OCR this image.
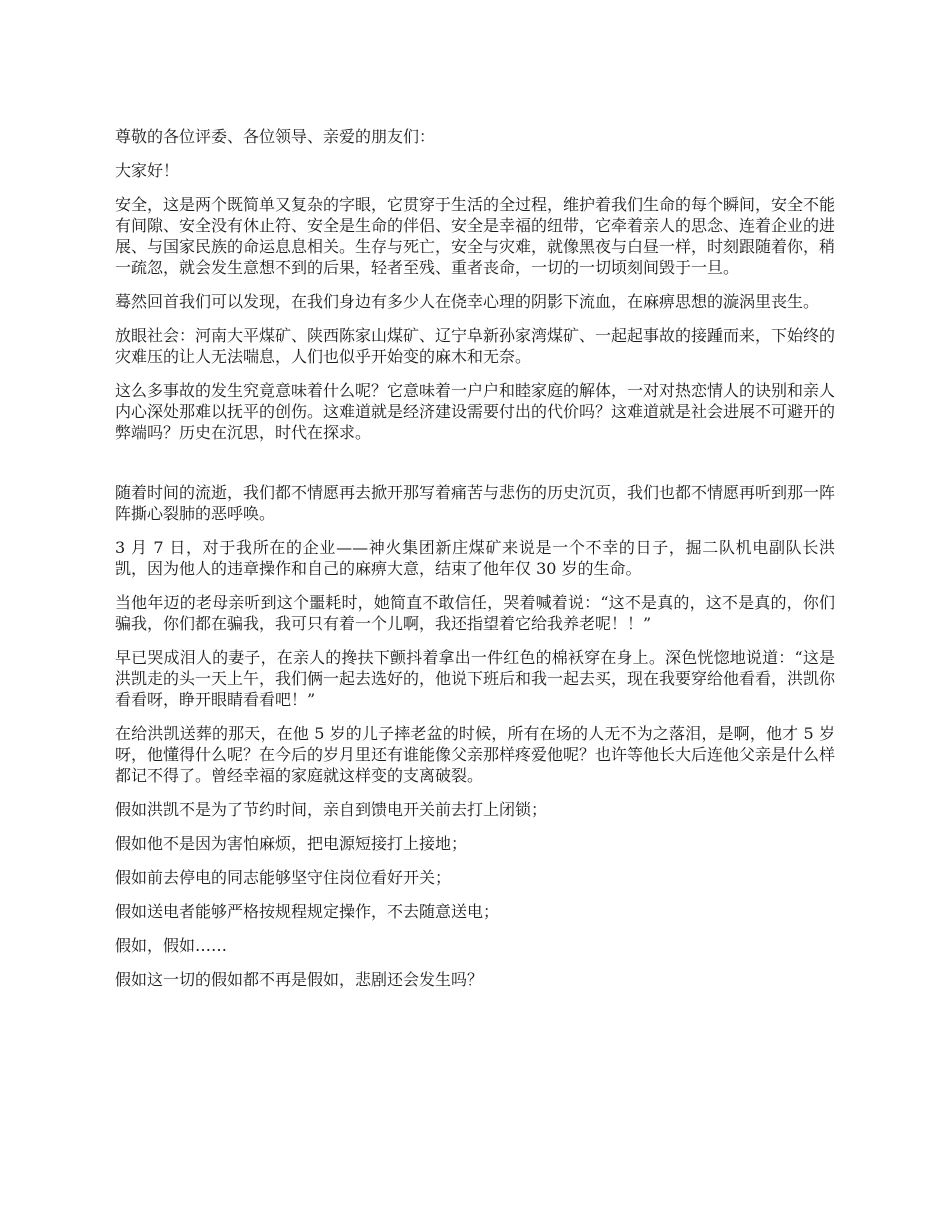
尊敬的各位评委、各位领导、亲爱的朋友们：

大家好！

安全，这是两个既简单又复杂的字眼，它贯穿于生活的全过程，维护着我们生命的每个瞬间，安全不能有间隙、安全没有休止符、安全是生命的伴侣、安全是幸福的纽带，它牵着亲人的思念、连着企业的进展、与国家民族的命运息息相关。生存与死亡，安全与灾难，就像黑夜与白昼一样，时刻跟随着你，稍一疏忽，就会发生意想不到的后果，轻者至残、重者丧命，一切的一切顷刻间毁于一旦。

蓦然回首我们可以发现，在我们身边有多少人在侥幸心理的阴影下流血，在麻痹思想的漩涡里丧生。

放眼社会：河南大平煤矿、陕西陈家山煤矿、辽宁阜新孙家湾煤矿、一起起事故的接踵而来，下始终的灾难压的让人无法喘息，人们也似乎开始变的麻木和无奈。

这么多事故的发生究竟意味着什么呢？它意味着一户户和睦家庭的解体，一对对热恋情人的诀别和亲人内心深处那难以抚平的创伤。这难道就是经济建设需要付出的代价吗？这难道就是社会进展不可避开的弊端吗？历史在沉思，时代在探求。

随着时间的流逝，我们都不情愿再去掀开那写着痛苦与悲伤的历史沉页，我们也都不情愿再听到那一阵阵撕心裂肺的恶呼唤。

3 月 7 日，对于我所在的企业——神火集团新庄煤矿来说是一个不幸的日子，掘二队机电副队长洪凯，因为他人的违章操作和自己的麻痹大意，结束了他年仅 30 岁的生命。

当他年迈的老母亲听到这个噩耗时，她简直不敢信任，哭着喊着说：“这不是真的，这不是真的，你们骗我，你们都在骗我，我可只有着一个儿啊，我还指望着它给我养老呢！！”

早已哭成泪人的妻子，在亲人的搀扶下颤抖着拿出一件红色的棉袄穿在身上。深色恍惚地说道：“这是洪凯走的头一天上午，我们俩一起去选好的，他说下班后和我一起去买，现在我要穿给他看看，洪凯你看看呀，睁开眼睛看看吧！”

在给洪凯送葬的那天，在他 5 岁的儿子摔老盆的时候，所有在场的人无不为之落泪，是啊，他才 5 岁呀，他懂得什么呢？在今后的岁月里还有谁能像父亲那样疼爱他呢？也许等他长大后连他父亲是什么样都记不得了。曾经幸福的家庭就这样变的支离破裂。

假如洪凯不是为了节约时间，亲自到馈电开关前去打上闭锁；

假如他不是因为害怕麻烦，把电源短接打上接地；

假如前去停电的同志能够坚守住岗位看好开关；

假如送电者能够严格按规程规定操作，不去随意送电；

假如，假如……

假如这一切的假如都不再是假如，悲剧还会发生吗？
